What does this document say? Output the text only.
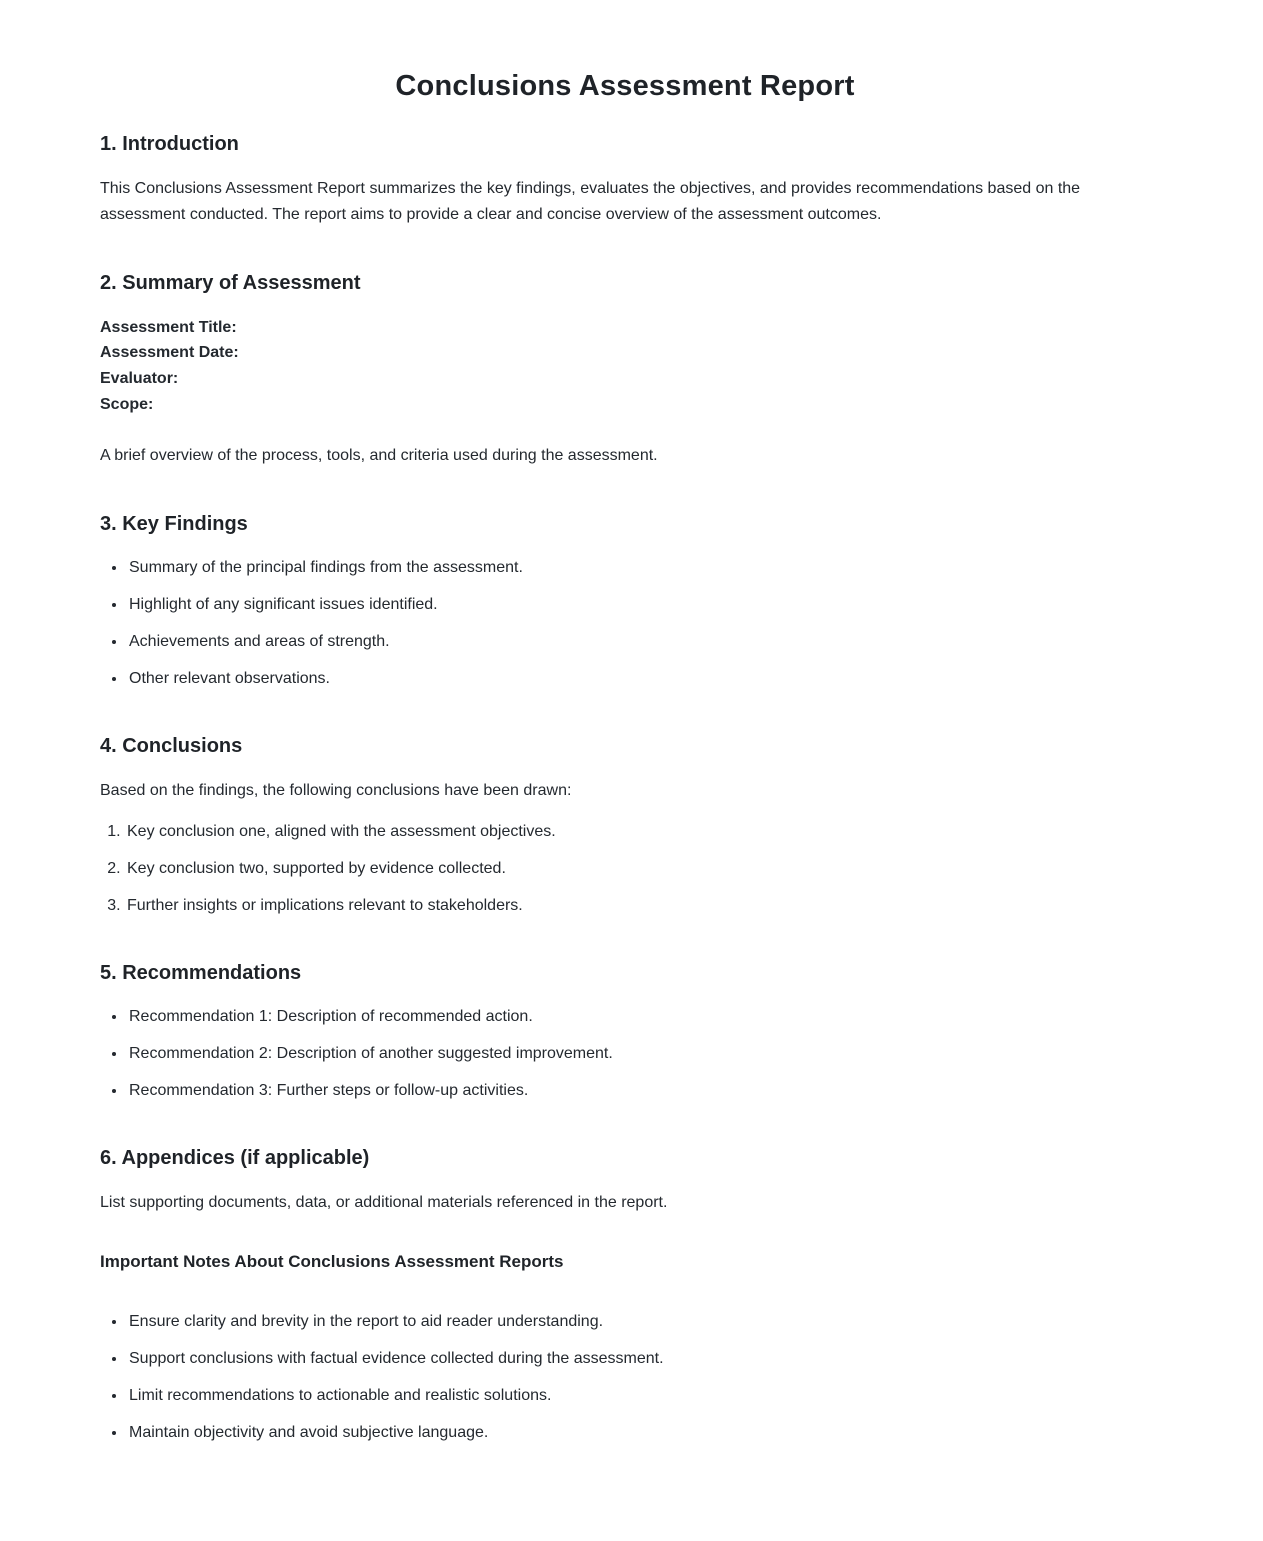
Conclusions Assessment Report
1. Introduction

This Conclusions Assessment Report summarizes the key findings, evaluates the objectives, and provides recommendations based on the assessment conducted. The report aims to provide a clear and concise overview of the assessment outcomes.

2. Summary of Assessment

Assessment Title:

Assessment Date:

Evaluator:

Scope:

A brief overview of the process, tools, and criteria used during the assessment.

3. Key Findings
• Summary of the principal findings from the assessment.
• Highlight of any significant issues identified.
• Achievements and areas of strength.
• Other relevant observations.
4. Conclusions

Based on the findings, the following conclusions have been drawn:

1. Key conclusion one, aligned with the assessment objectives.
2. Key conclusion two, supported by evidence collected.
3. Further insights or implications relevant to stakeholders.
5. Recommendations
• Recommendation 1: Description of recommended action.
• Recommendation 2: Description of another suggested improvement.
• Recommendation 3: Further steps or follow-up activities.
6. Appendices (if applicable)

List supporting documents, data, or additional materials referenced in the report.

Important Notes About Conclusions Assessment Reports
• Ensure clarity and brevity in the report to aid reader understanding.
• Support conclusions with factual evidence collected during the assessment.
• Limit recommendations to actionable and realistic solutions.
• Maintain objectivity and avoid subjective language.
